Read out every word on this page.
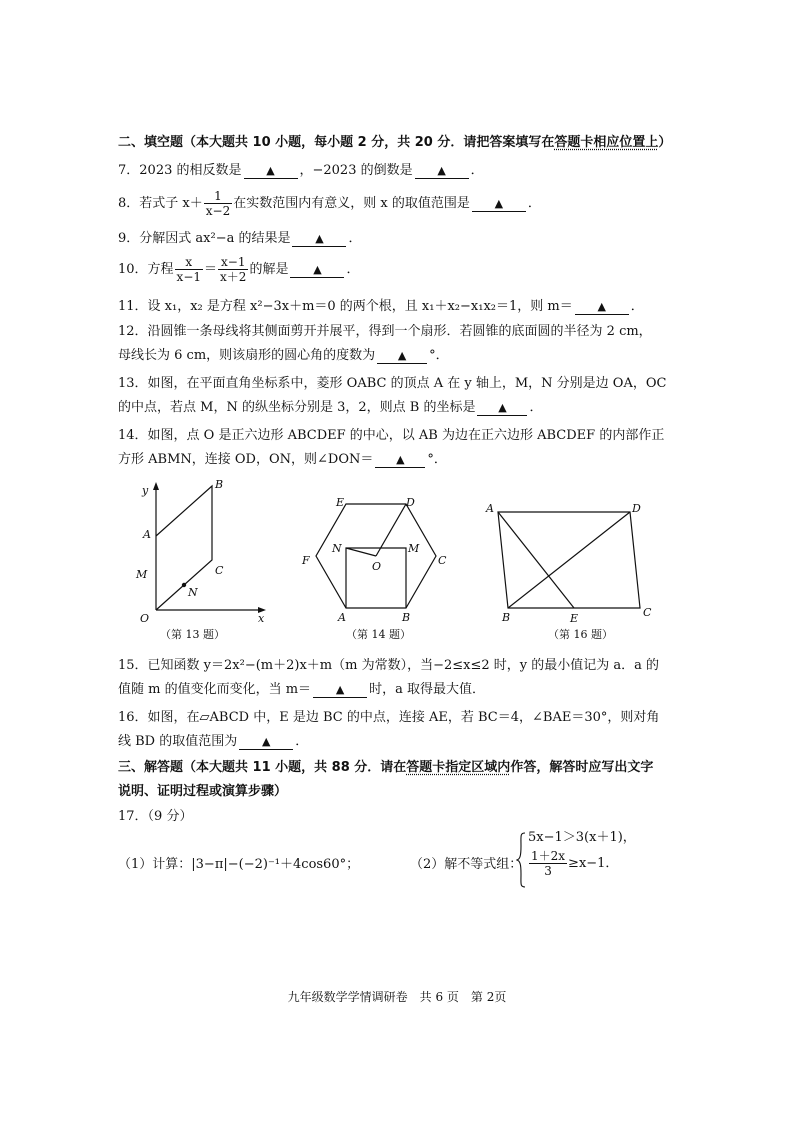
二、填空题（本大题共 10 小题，每小题 2 分，共 20 分．请把答案填写在答题卡相应位置上）
7．2023 的相反数是 ▲ ，−2023 的倒数是 ▲ ．
8．若式子 $x+ \frac{1}{x-2}$ 在实数范围内有意义，则 x 的取值范围是 ▲ ．
9．分解因式 ax²−a 的结果是 ▲ ．
10．方程 $\frac{x}{x-1} = \frac{x-1}{x+2}$ 的解是 ▲ ．
11．设 x₁，x₂ 是方程 x²−3x＋m＝0 的两个根，且 x₁＋x₂−x₁x₂＝1，则 m＝ ▲ ．
12．沿圆锥一条母线将其侧面剪开并展平，得到一个扇形．若圆锥的底面圆的半径为 2 cm，
母线长为 6 cm，则该扇形的圆心角的度数为 ▲ °．
13．如图，在平面直角坐标系中，菱形 OABC 的顶点 A 在 y 轴上，M，N 分别是边 OA，OC
的中点，若点 M，N 的纵坐标分别是 3，2，则点 B 的坐标是 ▲ ．
14．如图，点 O 是正六边形 ABCDEF 的中心，以 AB 为边在正六边形 ABCDEF 的内部作正
方形 ABMN，连接 OD，ON，则∠DON＝ ▲ °．
y
A
B
C
M
N
O	x
（第 13 题）
A	B
C
D
E
F
M
N
O
（第 14 题）
A	D
B	E	C
（第 16 题）
15．已知函数 y＝2x²−(m＋2)x＋m（m 为常数），当−2≤x≤2 时，y 的最小值记为 a．a 的
值随 m 的值变化而变化，当 m＝ ▲ 时，a 取得最大值．
16．如图，在▱ABCD 中，E 是边 BC 的中点，连接 AE，若 BC＝4，∠BAE＝30°，则对角
线 BD 的取值范围为 ▲ ．
三、解答题（本大题共 11 小题，共 88 分．请在答题卡指定区域内作答，解答时应写出文字
说明、证明过程或演算步骤）
17．（9 分）
（1）计算：|3−π|−(−2)⁻¹＋4cos60°；	（2）解不等式组：
5x−1＞3(x＋1)，
$\frac{1+2x}{3} \ge x-1$．
九年级数学学情调研卷　共 6 页　第 2页
